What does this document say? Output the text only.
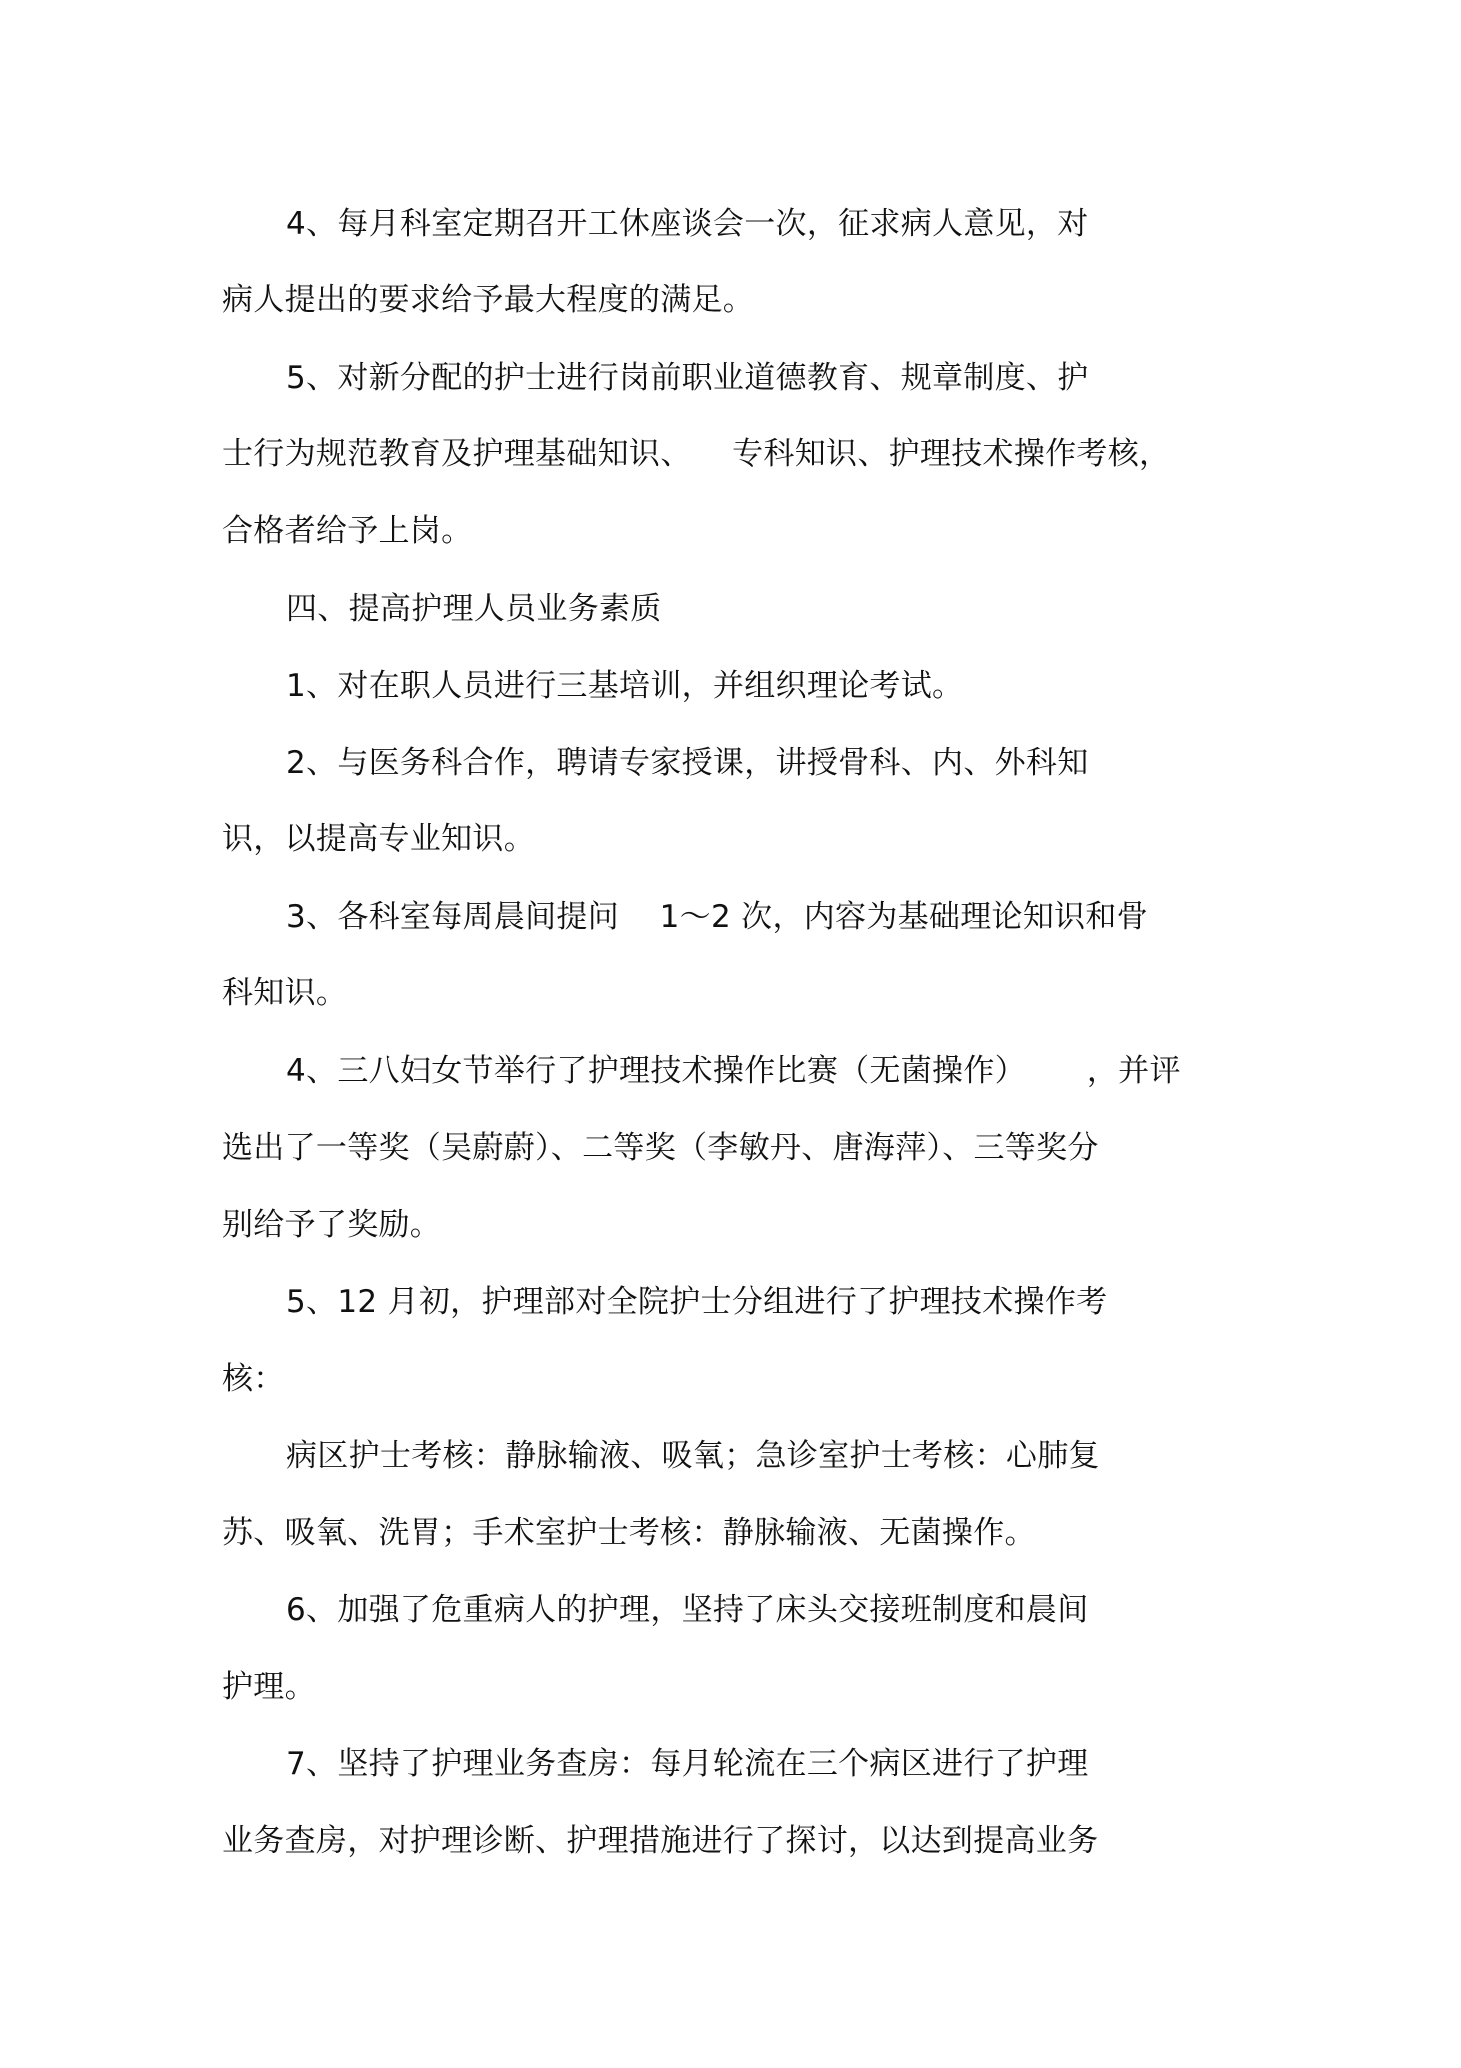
4、每月科室定期召开工休座谈会一次，征求病人意见，对

病人提出的要求给予最大程度的满足。

5、对新分配的护士进行岗前职业道德教育、规章制度、护

士行为规范教育及护理基础知识、    专科知识、护理技术操作考核，

合格者给予上岗。

四、提高护理人员业务素质

1、对在职人员进行三基培训，并组织理论考试。

2、与医务科合作，聘请专家授课，讲授骨科、内、外科知

识，以提高专业知识。

3、各科室每周晨间提问    1～2 次，内容为基础理论知识和骨

科知识。

4、三八妇女节举行了护理技术操作比赛（无菌操作）      ，并评

选出了一等奖（吴蔚蔚）、二等奖（李敏丹、唐海萍）、三等奖分

别给予了奖励。

5、12 月初，护理部对全院护士分组进行了护理技术操作考

核：

病区护士考核：静脉输液、吸氧；急诊室护士考核：心肺复

苏、吸氧、洗胃；手术室护士考核：静脉输液、无菌操作。

6、加强了危重病人的护理，坚持了床头交接班制度和晨间

护理。

7、坚持了护理业务查房：每月轮流在三个病区进行了护理

业务查房，对护理诊断、护理措施进行了探讨，以达到提高业务
